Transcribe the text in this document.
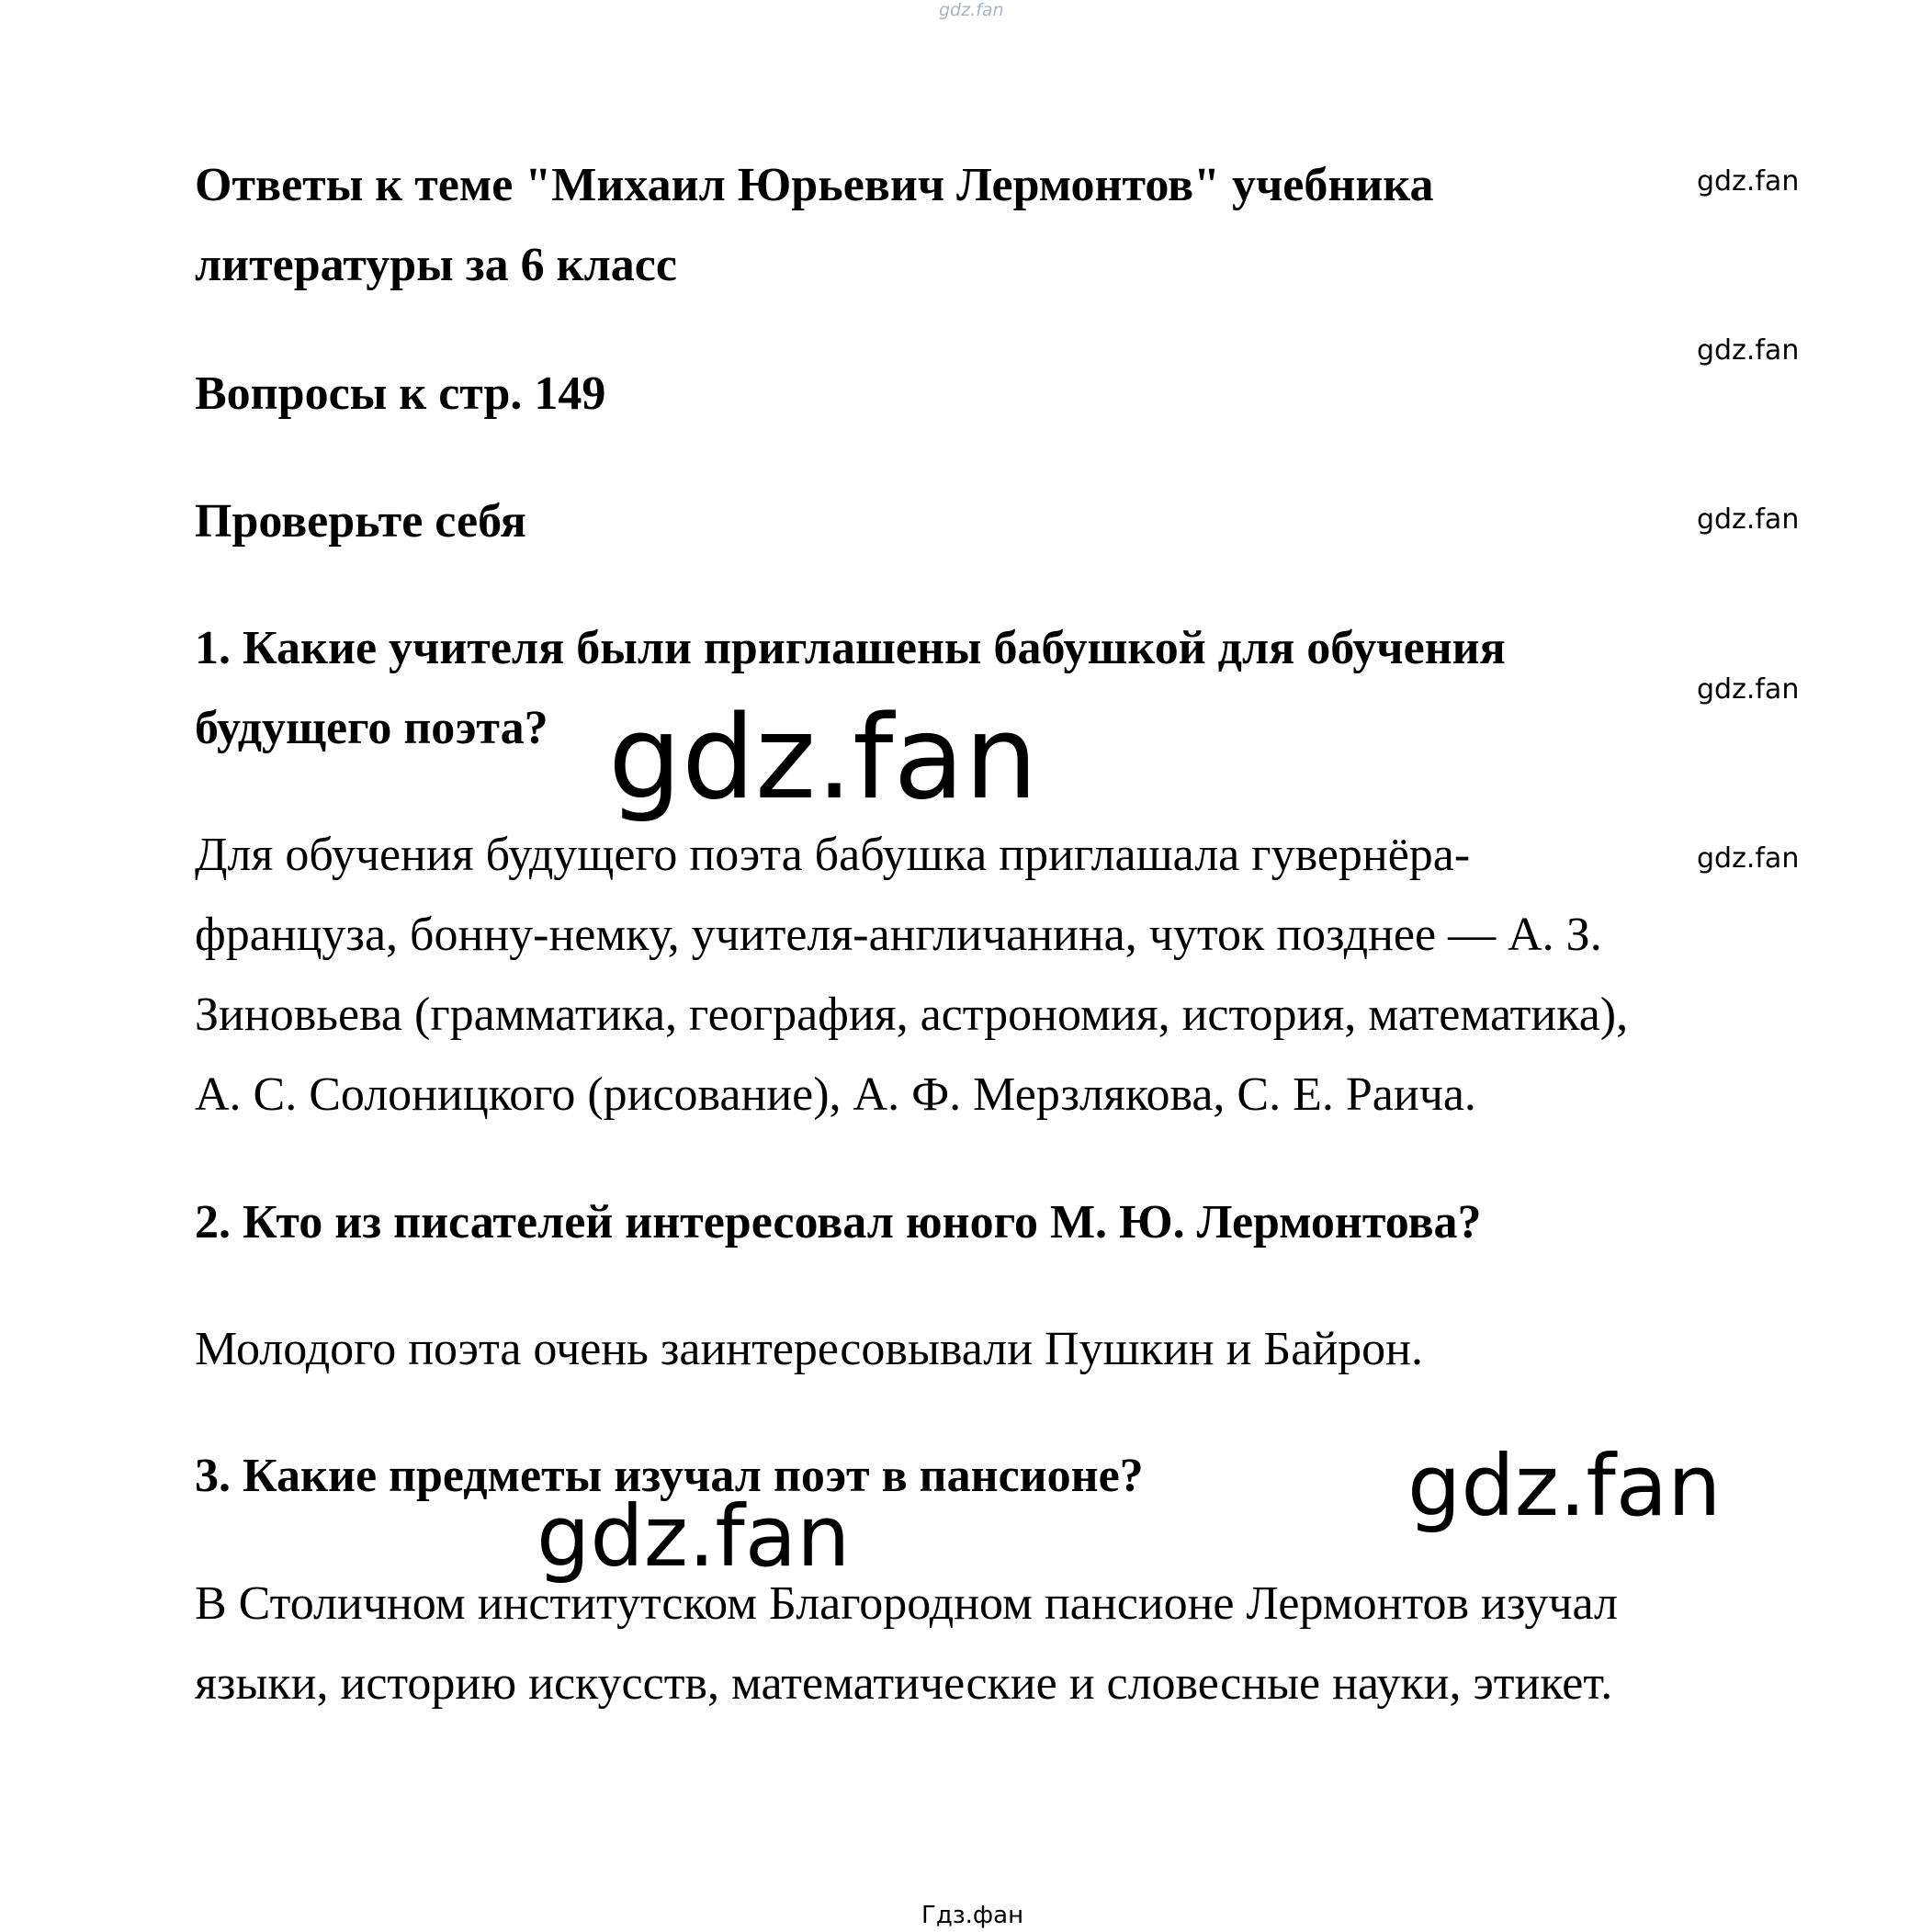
gdz.fan
Ответы к теме "Михаил Юрьевич Лермонтов" учебника
литературы за 6 класс
Вопросы к стр. 149
Проверьте себя
1. Какие учителя были приглашены бабушкой для обучения
будущего поэта?
Для обучения будущего поэта бабушка приглашала гувернёра-
француза, бонну-немку, учителя-англичанина, чуток позднее — А. З.
Зиновьева (грамматика, география, астрономия, история, математика),
А. С. Солоницкого (рисование), А. Ф. Мерзлякова, С. Е. Раича.
2. Кто из писателей интересовал юного М. Ю. Лермонтова?
Молодого поэта очень заинтересовывали Пушкин и Байрон.
3. Какие предметы изучал поэт в пансионе?
В Столичном институтском Благородном пансионе Лермонтов изучал
языки, историю искусств, математические и словесные науки, этикет.
gdz.fan
gdz.fan
gdz.fan
gdz.fan
gdz.fan
gdz.fan
gdz.fan
gdz.fan
Гдз.фан
